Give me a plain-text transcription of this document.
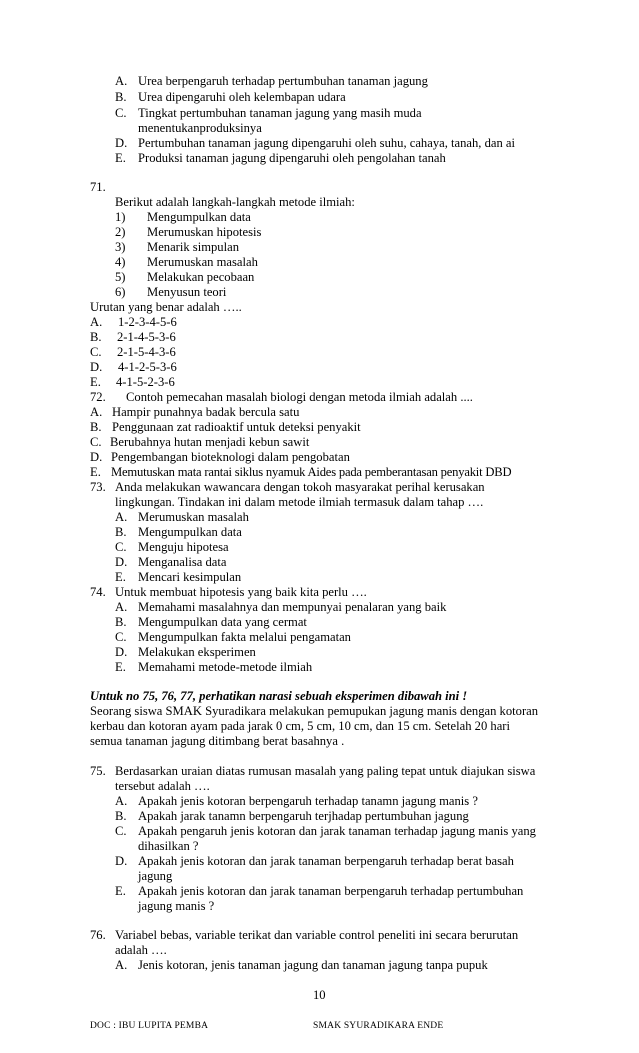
A. Urea berpengaruh terhadap pertumbuhan tanaman jagung
B. Urea dipengaruhi oleh kelembapan udara
C. Tingkat pertumbuhan tanaman jagung yang masih muda
menentukanproduksinya
D. Pertumbuhan tanaman jagung dipengaruhi oleh suhu, cahaya, tanah, dan ai
E. Produksi tanaman jagung dipengaruhi oleh pengolahan tanah
71.
Berikut adalah langkah-langkah metode ilmiah:
1) Mengumpulkan data
2) Merumuskan hipotesis
3) Menarik simpulan
4) Merumuskan masalah
5) Melakukan pecobaan
6) Menyusun teori
Urutan yang benar adalah …..
A. 1-2-3-4-5-6
B. 2-1-4-5-3-6
C. 2-1-5-4-3-6
D. 4-1-2-5-3-6
E. 4-1-5-2-3-6
72. Contoh pemecahan masalah biologi dengan metoda ilmiah adalah ....
A. Hampir punahnya badak bercula satu
B. Penggunaan zat radioaktif untuk deteksi penyakit
C. Berubahnya hutan menjadi kebun sawit
D. Pengembangan bioteknologi dalam pengobatan
E. Memutuskan mata rantai siklus nyamuk Aides pada pemberantasan penyakit DBD
73. Anda melakukan wawancara dengan tokoh masyarakat perihal kerusakan
lingkungan. Tindakan ini dalam metode ilmiah termasuk dalam tahap ….
A. Merumuskan masalah
B. Mengumpulkan data
C. Menguju hipotesa
D. Menganalisa data
E. Mencari kesimpulan
74. Untuk membuat hipotesis yang baik kita perlu ….
A. Memahami masalahnya dan mempunyai penalaran yang baik
B. Mengumpulkan data yang cermat
C. Mengumpulkan fakta melalui pengamatan
D. Melakukan eksperimen
E. Memahami metode-metode ilmiah
Untuk no 75, 76, 77, perhatikan narasi sebuah eksperimen dibawah ini !
Seorang siswa SMAK Syuradikara melakukan pemupukan jagung manis dengan kotoran
kerbau dan kotoran ayam pada jarak 0 cm, 5 cm, 10 cm, dan 15 cm. Setelah 20 hari
semua tanaman jagung ditimbang berat basahnya .
75. Berdasarkan uraian diatas rumusan masalah yang paling tepat untuk diajukan siswa
tersebut adalah ….
A. Apakah jenis kotoran berpengaruh terhadap tanamn jagung manis ?
B. Apakah jarak tanamn berpengaruh terjhadap pertumbuhan jagung
C. Apakah pengaruh jenis kotoran dan jarak tanaman terhadap jagung manis yang
dihasilkan ?
D. Apakah jenis kotoran dan jarak tanaman berpengaruh terhadap berat basah
jagung
E. Apakah jenis kotoran dan jarak tanaman berpengaruh terhadap pertumbuhan
jagung manis ?
76. Variabel bebas, variable terikat dan variable control peneliti ini secara berurutan
adalah ….
A. Jenis kotoran, jenis tanaman jagung dan tanaman jagung tanpa pupuk
10
DOC : IBU LUPITA PEMBA	SMAK SYURADIKARA ENDE
